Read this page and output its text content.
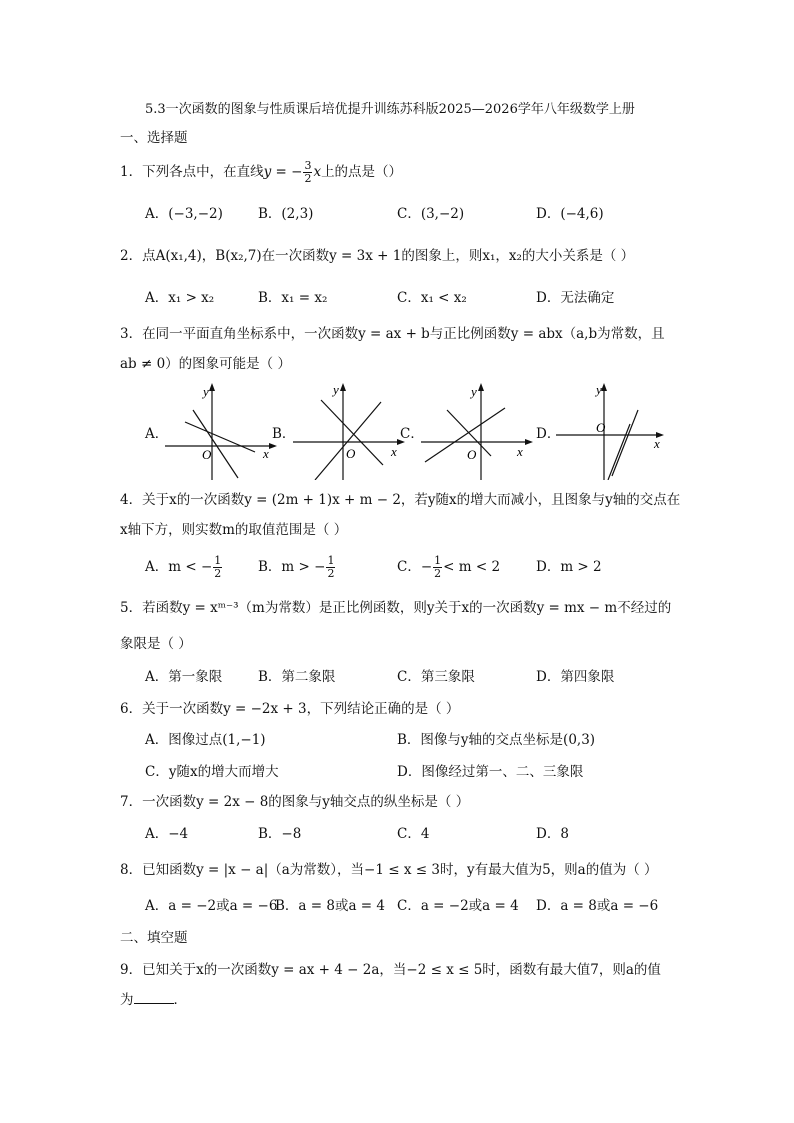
5.3一次函数的图象与性质课后培优提升训练苏科版2025—2026学年八年级数学上册
一、选择题
1．下列各点中，在直线y = − $\frac{3}{2}$ x上的点是（）
A．(−3,−2)	B．(2,3)	C．(3,−2)	D．(−4,6)
2．点A(x₁,4)，B(x₂,7)在一次函数y = 3x + 1的图象上，则x₁，x₂的大小关系是（ ）
A．x₁ > x₂	B．x₁ = x₂	C．x₁ < x₂	D．无法确定
3．在同一平面直角坐标系中，一次函数y = ax + b与正比例函数y = abx（a,b为常数，且
ab ≠ 0）的图象可能是（ ）
A．
y
x
O
B．
y
x
O
C．
y
x
O
D．
y
x
O
4．关于x的一次函数y = (2m + 1)x + m − 2，若y随x的增大而减小，且图象与y轴的交点在
x轴下方，则实数m的取值范围是（ ）
A．m < − $\frac{1}{2}$	B．m > − $\frac{1}{2}$	C．− $\frac{1}{2} < m < 2$	D．m > 2
5．若函数y = xᵐ⁻³（m为常数）是正比例函数，则y关于x的一次函数y = mx − m不经过的
象限是（ ）
A．第一象限	B．第二象限	C．第三象限	D．第四象限
6．关于一次函数y = −2x + 3，下列结论正确的是（ ）
A．图像过点(1,−1)	B．图像与y轴的交点坐标是(0,3)
C．y随x的增大而增大	D．图像经过第一、二、三象限
7．一次函数y = 2x − 8的图象与y轴交点的纵坐标是（ ）
A．−4	B．−8	C．4	D．8
8．已知函数y = |x − a|（a为常数），当−1 ≤ x ≤ 3时，y有最大值为5，则a的值为（ ）
A．a = −2或a = −6
B．a = 8或a = 4 C．a = −2或a = 4 D．a = 8或a = −6
二、填空题
9．已知关于x的一次函数y = ax + 4 − 2a，当−2 ≤ x ≤ 5时，函数有最大值7，则a的值
为	．
